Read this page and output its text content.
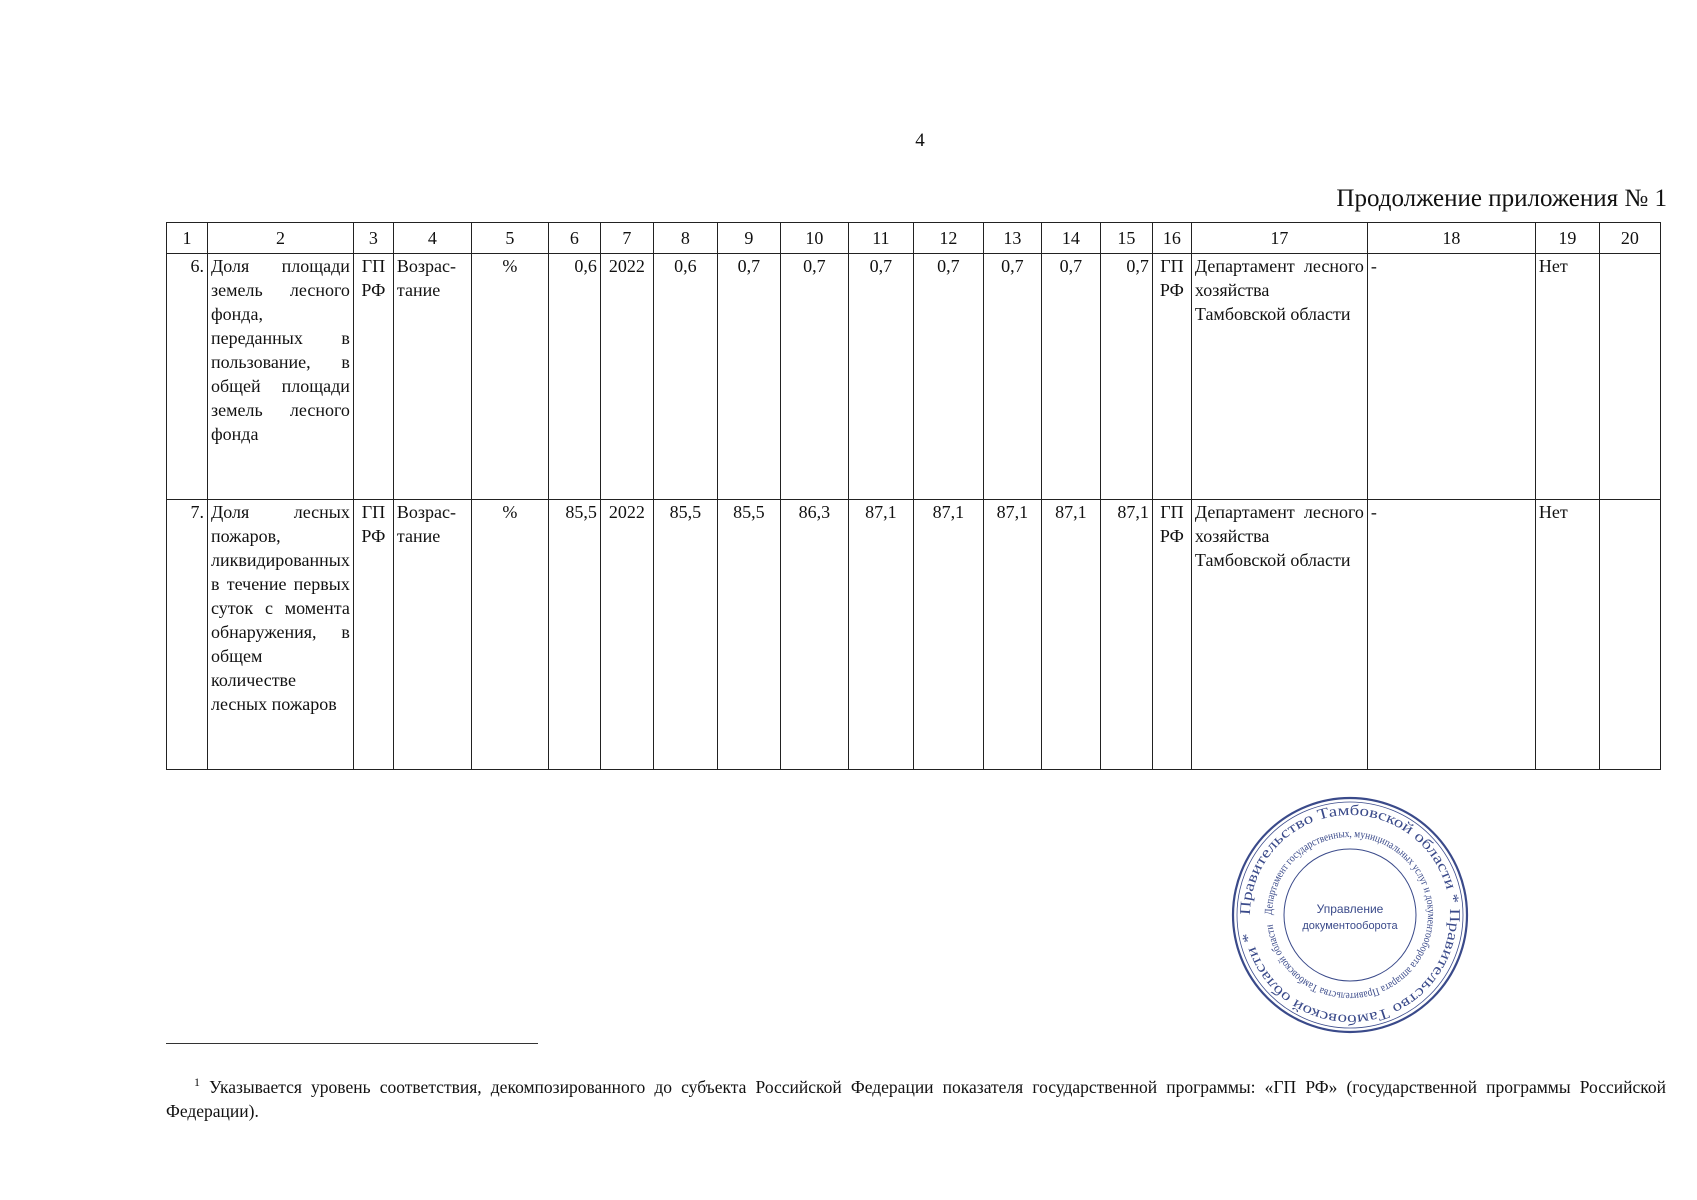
4
Продолжение приложения № 1
1	2	3	4	5	6	7	8	9	10	11	12	13	14	15	16	17	18	19	20
6.	Доля площади земель лесного фонда, переданных в пользование, в общей площади земель лесного фонда	ГП РФ	Возрас-тание	%	0,6	2022	0,6	0,7	0,7	0,7	0,7	0,7	0,7	0,7	ГП РФ	Департамент лесного хозяйства Тамбовской области	-	Нет	
7.	Доля лесных пожаров, ликвидированных в течение первых суток с момента обнаружения, в общем количестве лесных пожаров	ГП РФ	Возрас-тание	%	85,5	2022	85,5	85,5	86,3	87,1	87,1	87,1	87,1	87,1	ГП РФ	Департамент лесного хозяйства Тамбовской области	-	Нет	
Правительство Тамбовской области * Правительство Тамбовской области *
Департамент государственных, муниципальных услуг и документооборота аппарата Правительства Тамбовской области
Управление
документооборота
$^1$ Указывается уровень соответствия, декомпозированного до субъекта Российской Федерации показателя государственной программы: «ГП РФ» (государственной программы Российской Федерации).
